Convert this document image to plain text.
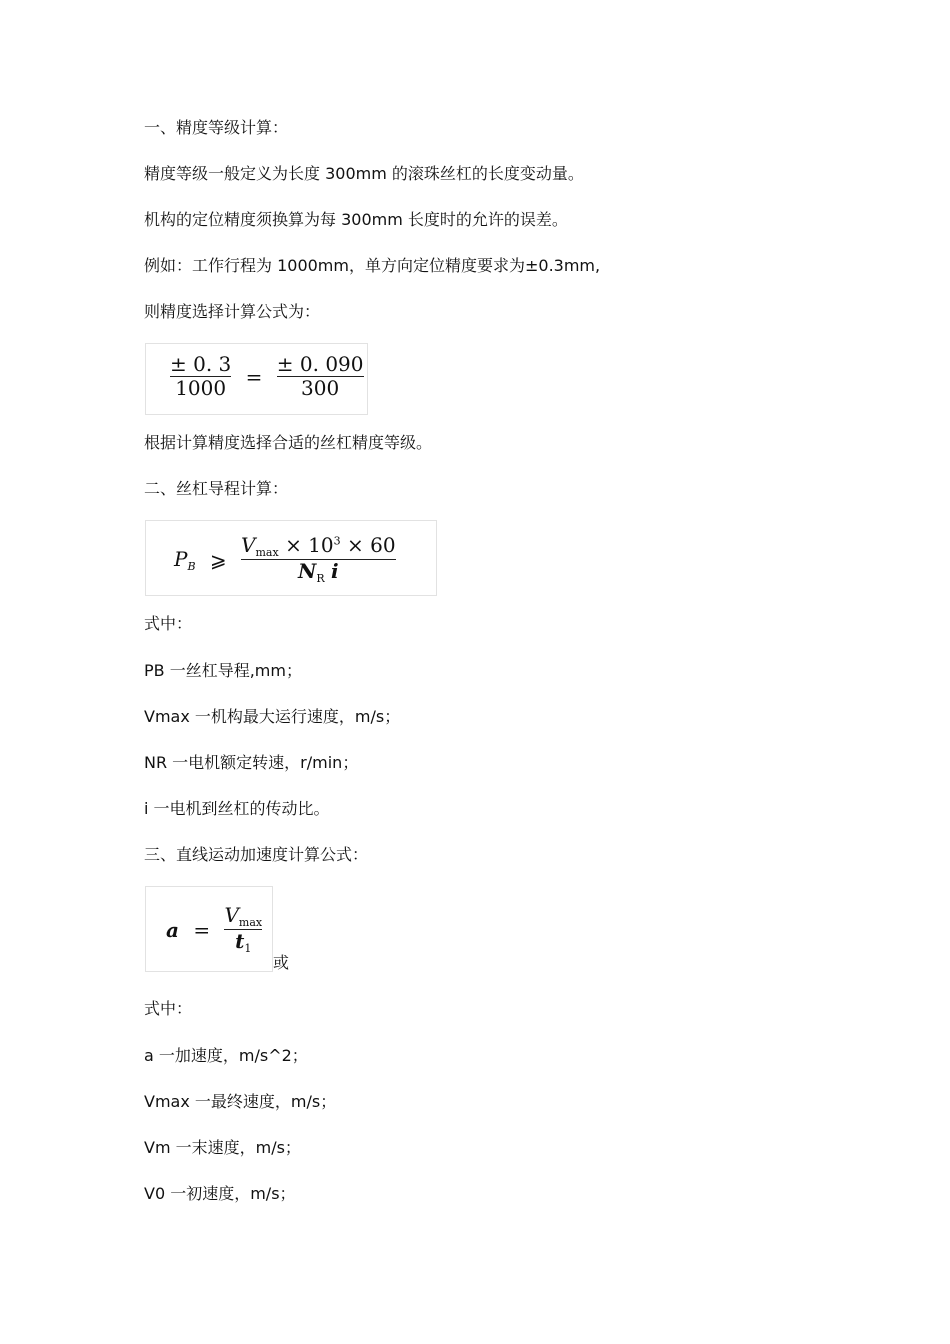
一、精度等级计算：
精度等级一般定义为长度 300mm 的滚珠丝杠的长度变动量。
机构的定位精度须换算为每 300mm 长度时的允许的误差。
例如：工作行程为 1000mm，单方向定位精度要求为±0.3mm,
则精度选择计算公式为：
$\frac{\pm 0. 3}{1000} = \frac{\pm 0. 090}{300}$
根据计算精度选择合适的丝杠精度等级。
二、丝杠导程计算：
$P_B$ ⩾ $\frac{V_{max} \times 10^3 \times 60}{N_R i}$
式中：
PB 一丝杠导程,mm；
Vmax 一机构最大运行速度，m/s；
NR 一电机额定转速，r/min；
i 一电机到丝杠的传动比。
三、直线运动加速度计算公式：
$a = \frac{V_{max}}{t_1}$
或
式中：
a 一加速度，m/s^2；
Vmax 一最终速度，m/s；
Vm 一末速度，m/s；
V0 一初速度，m/s；
